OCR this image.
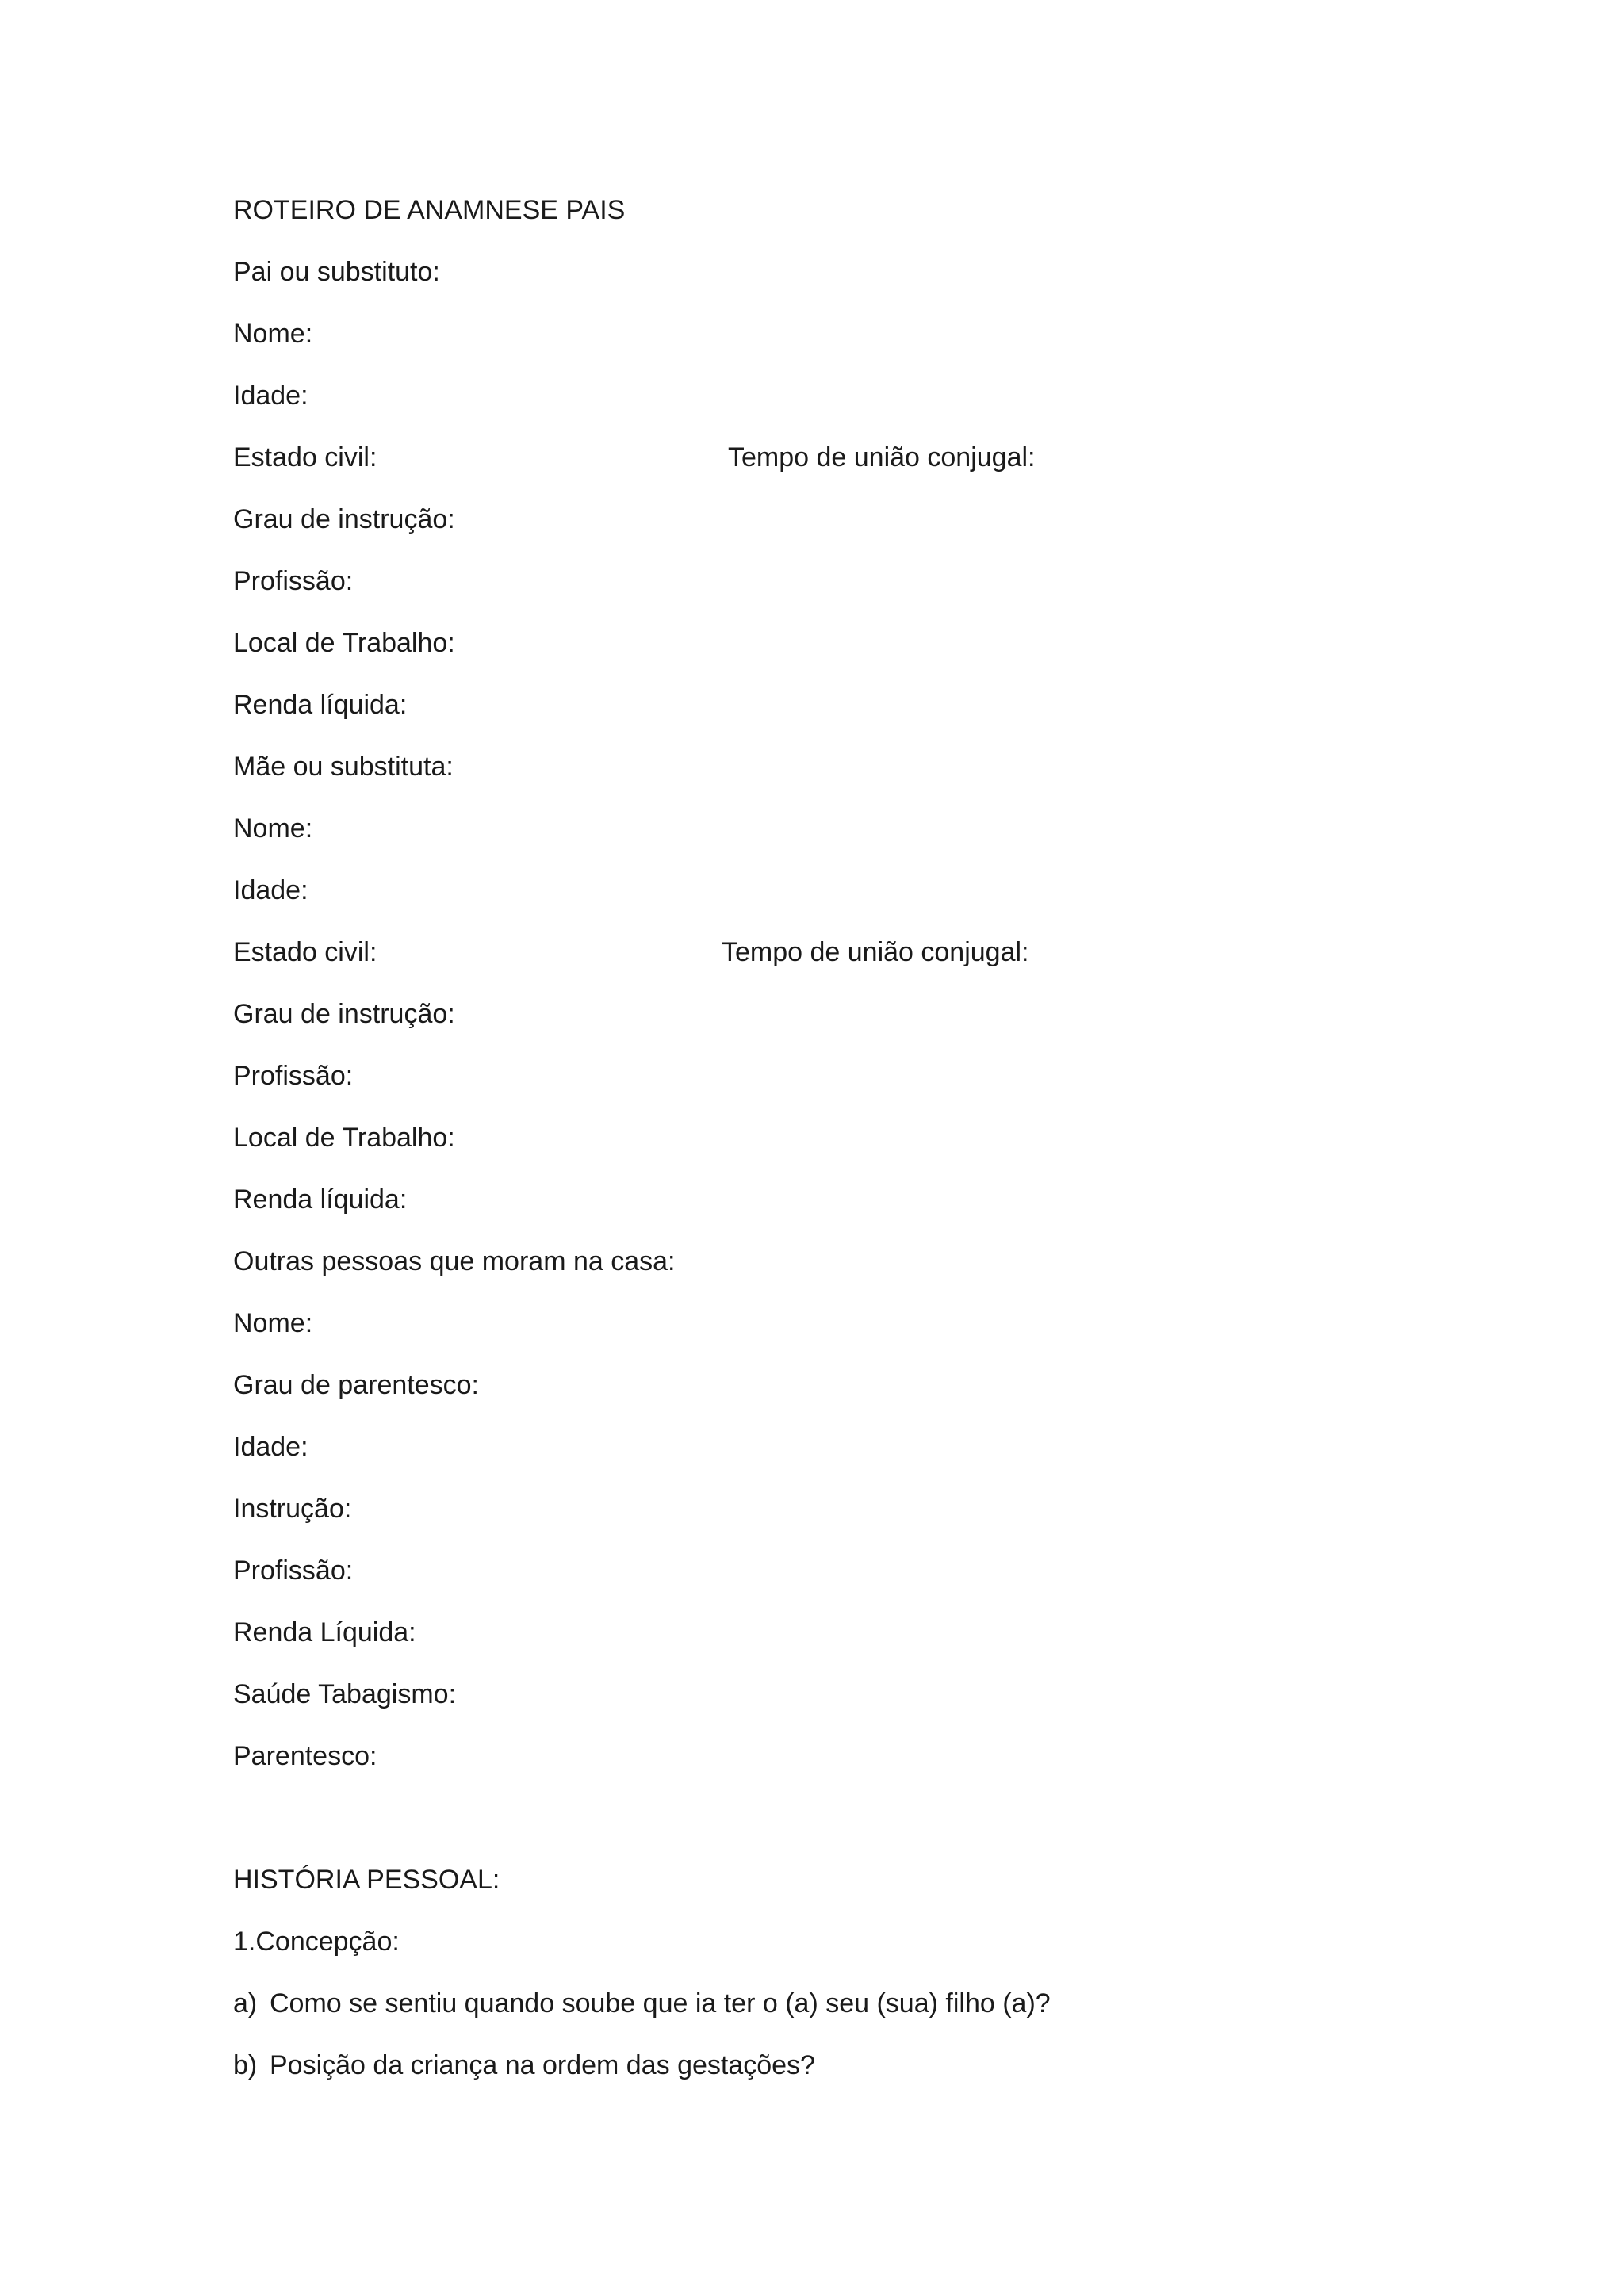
ROTEIRO DE ANAMNESE PAIS
Pai ou substituto:
Nome:
Idade:
Estado civil:	Tempo de união conjugal:
Grau de instrução:
Profissão:
Local de Trabalho:
Renda líquida:
Mãe ou substituta:
Nome:
Idade:
Estado civil:	Tempo de união conjugal:
Grau de instrução:
Profissão:
Local de Trabalho:
Renda líquida:
Outras pessoas que moram na casa:
Nome:
Grau de parentesco:
Idade:
Instrução:
Profissão:
Renda Líquida:
Saúde Tabagismo:
Parentesco:
HISTÓRIA PESSOAL:
1.Concepção:
a) Como se sentiu quando soube que ia ter o (a) seu (sua) filho (a)?
b) Posição da criança na ordem das gestações?
